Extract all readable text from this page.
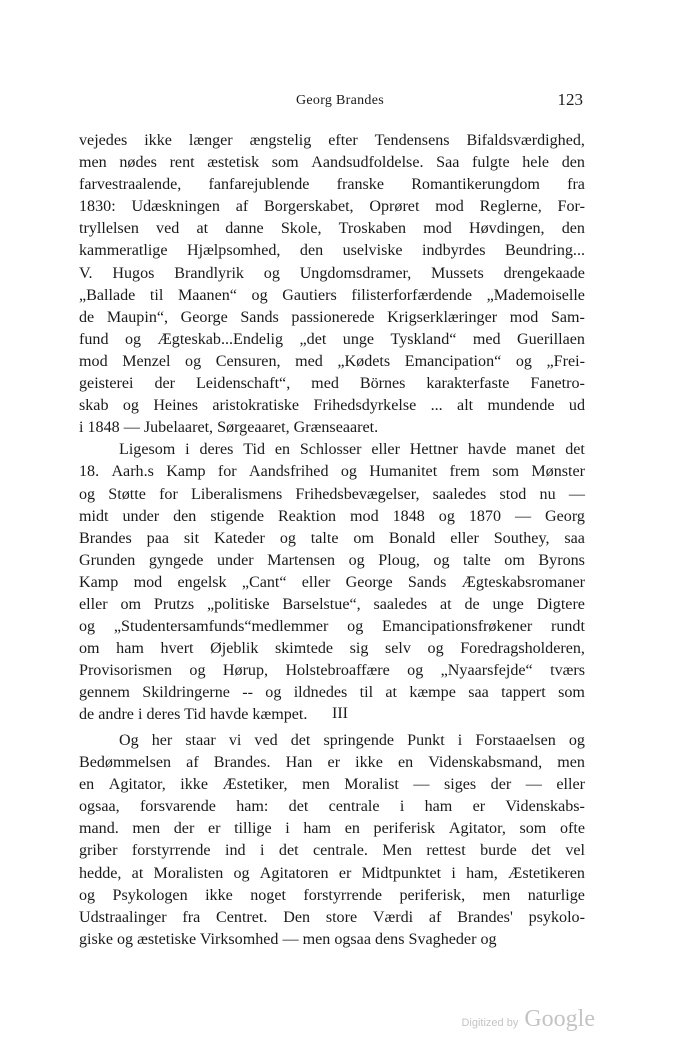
Georg Brandes	123
vejedes ikke længer ængstelig efter Tendensens Bifaldsværdighed,
men nødes rent æstetisk som Aandsudfoldelse. Saa fulgte hele den
farvestraalende, fanfarejublende franske Romantikerungdom fra
1830: Udæskningen af Borgerskabet, Oprøret mod Reglerne, For-
tryllelsen ved at danne Skole, Troskaben mod Høvdingen, den
kammeratlige Hjælpsomhed, den uselviske indbyrdes Beundring...
V. Hugos Brandlyrik og Ungdomsdramer, Mussets drengekaade
„Ballade til Maanen“ og Gautiers filisterforfærdende „Mademoiselle
de Maupin“, George Sands passionerede Krigserklæringer mod Sam-
fund og Ægteskab...Endelig „det unge Tyskland“ med Guerillaen
mod Menzel og Censuren, med „Kødets Emancipation“ og „Frei-
geisterei der Leidenschaft“, med Börnes karakterfaste Fanetro-
skab og Heines aristokratiske Frihedsdyrkelse ... alt mundende ud
i 1848 — Jubelaaret, Sørgeaaret, Grænseaaret.
Ligesom i deres Tid en Schlosser eller Hettner havde manet det
18. Aarh.s Kamp for Aandsfrihed og Humanitet frem som Mønster
og Støtte for Liberalismens Frihedsbevægelser, saaledes stod nu —
midt under den stigende Reaktion mod 1848 og 1870 — Georg
Brandes paa sit Kateder og talte om Bonald eller Southey, saa
Grunden gyngede under Martensen og Ploug, og talte om Byrons
Kamp mod engelsk „Cant“ eller George Sands Ægteskabsromaner
eller om Prutzs „politiske Barselstue“, saaledes at de unge Digtere
og „Studentersamfunds“medlemmer og Emancipationsfrøkener rundt
om ham hvert Øjeblik skimtede sig selv og Foredragsholderen,
Provisorismen og Hørup, Holstebroaffære og „Nyaarsfejde“ tværs
gennem Skildringerne -- og ildnedes til at kæmpe saa tappert som
de andre i deres Tid havde kæmpet.	III
Og her staar vi ved det springende Punkt i Forstaaelsen og
Bedømmelsen af Brandes. Han er ikke en Videnskabsmand, men
en Agitator, ikke Æstetiker, men Moralist — siges der — eller
ogsaa, forsvarende ham: det centrale i ham er Videnskabs-
mand. men der er tillige i ham en periferisk Agitator, som ofte
griber forstyrrende ind i det centrale. Men rettest burde det vel
hedde, at Moralisten og Agitatoren er Midtpunktet i ham, Æstetikeren
og Psykologen ikke noget forstyrrende periferisk, men naturlige
Udstraalinger fra Centret. Den store Værdi af Brandes' psykolo-
giske og æstetiske Virksomhed — men ogsaa dens Svagheder og
Digitized by Google
